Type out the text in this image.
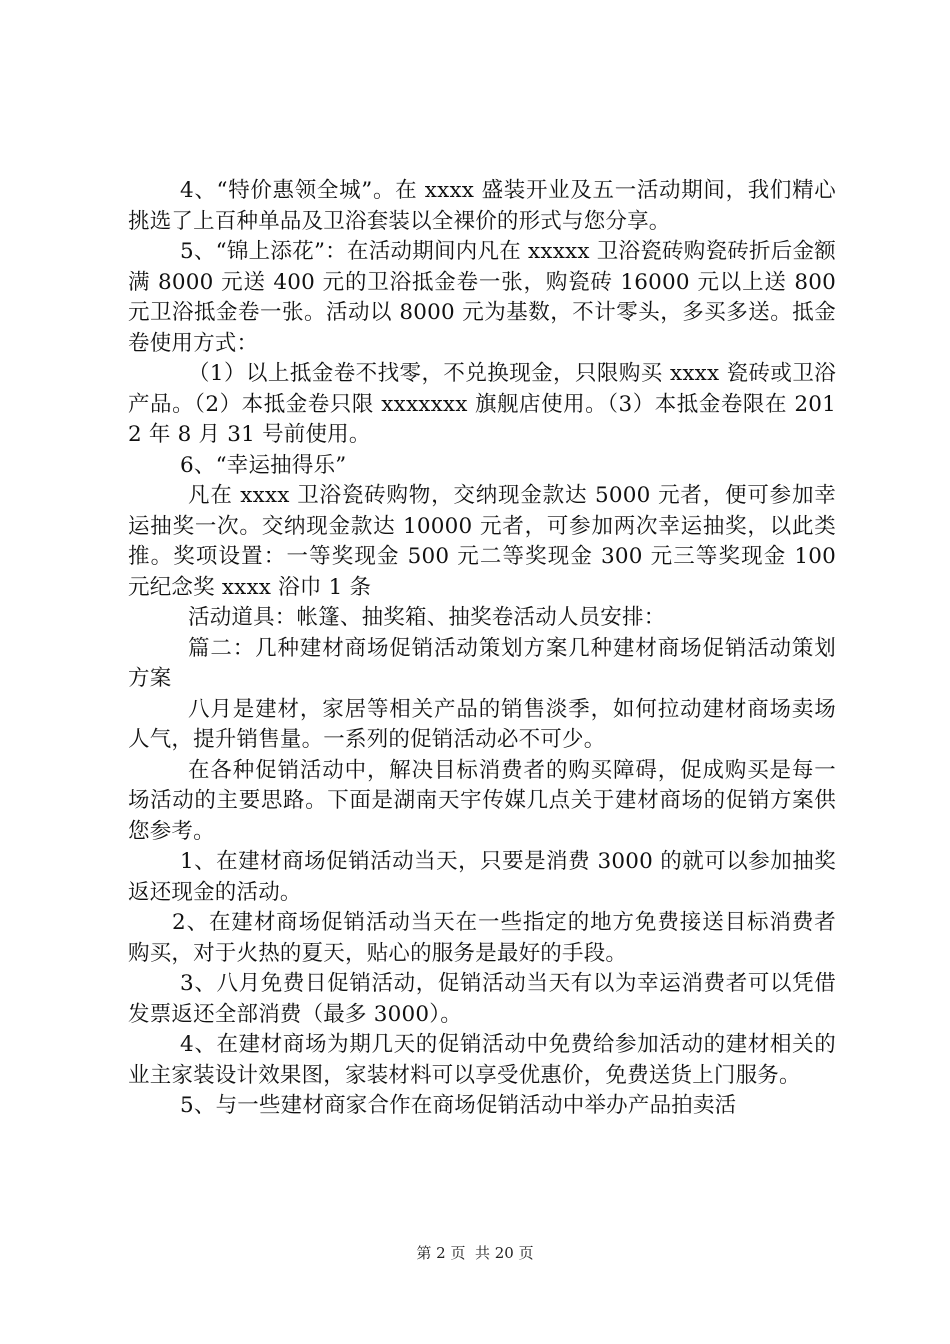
4、“特价惠领全城”。在 xxxx 盛装开业及五一活动期间，我们精心挑选了上百种单品及卫浴套装以全裸价的形式与您分享。

5、“锦上添花”：在活动期间内凡在 xxxxx 卫浴瓷砖购瓷砖折后金额满 8000 元送 400 元的卫浴抵金卷一张，购瓷砖 16000 元以上送 800 元卫浴抵金卷一张。活动以 8000 元为基数，不计零头，多买多送。抵金卷使用方式：

（1）以上抵金卷不找零，不兑换现金，只限购买 xxxx 瓷砖或卫浴产品。（2）本抵金卷只限 xxxxxxx 旗舰店使用。（3）本抵金卷限在 2012 年 8 月 31 号前使用。

6、“幸运抽得乐”

凡在 xxxx 卫浴瓷砖购物，交纳现金款达 5000 元者，便可参加幸运抽奖一次。交纳现金款达 10000 元者，可参加两次幸运抽奖，以此类推。奖项设置：一等奖现金 500 元二等奖现金 300 元三等奖现金 100 元纪念奖 xxxx 浴巾 1 条

活动道具：帐篷、抽奖箱、抽奖卷活动人员安排：

篇二：几种建材商场促销活动策划方案几种建材商场促销活动策划方案

八月是建材，家居等相关产品的销售淡季，如何拉动建材商场卖场人气，提升销售量。一系列的促销活动必不可少。

在各种促销活动中，解决目标消费者的购买障碍，促成购买是每一场活动的主要思路。下面是湖南天宇传媒几点关于建材商场的促销方案供您参考。

1、在建材商场促销活动当天，只要是消费 3000 的就可以参加抽奖返还现金的活动。

2、在建材商场促销活动当天在一些指定的地方免费接送目标消费者购买，对于火热的夏天，贴心的服务是最好的手段。

3、八月免费日促销活动，促销活动当天有以为幸运消费者可以凭借发票返还全部消费（最多 3000）。

4、在建材商场为期几天的促销活动中免费给参加活动的建材相关的业主家装设计效果图，家装材料可以享受优惠价，免费送货上门服务。

5、与一些建材商家合作在商场促销活动中举办产品拍卖活

第 2 页 共 20 页
